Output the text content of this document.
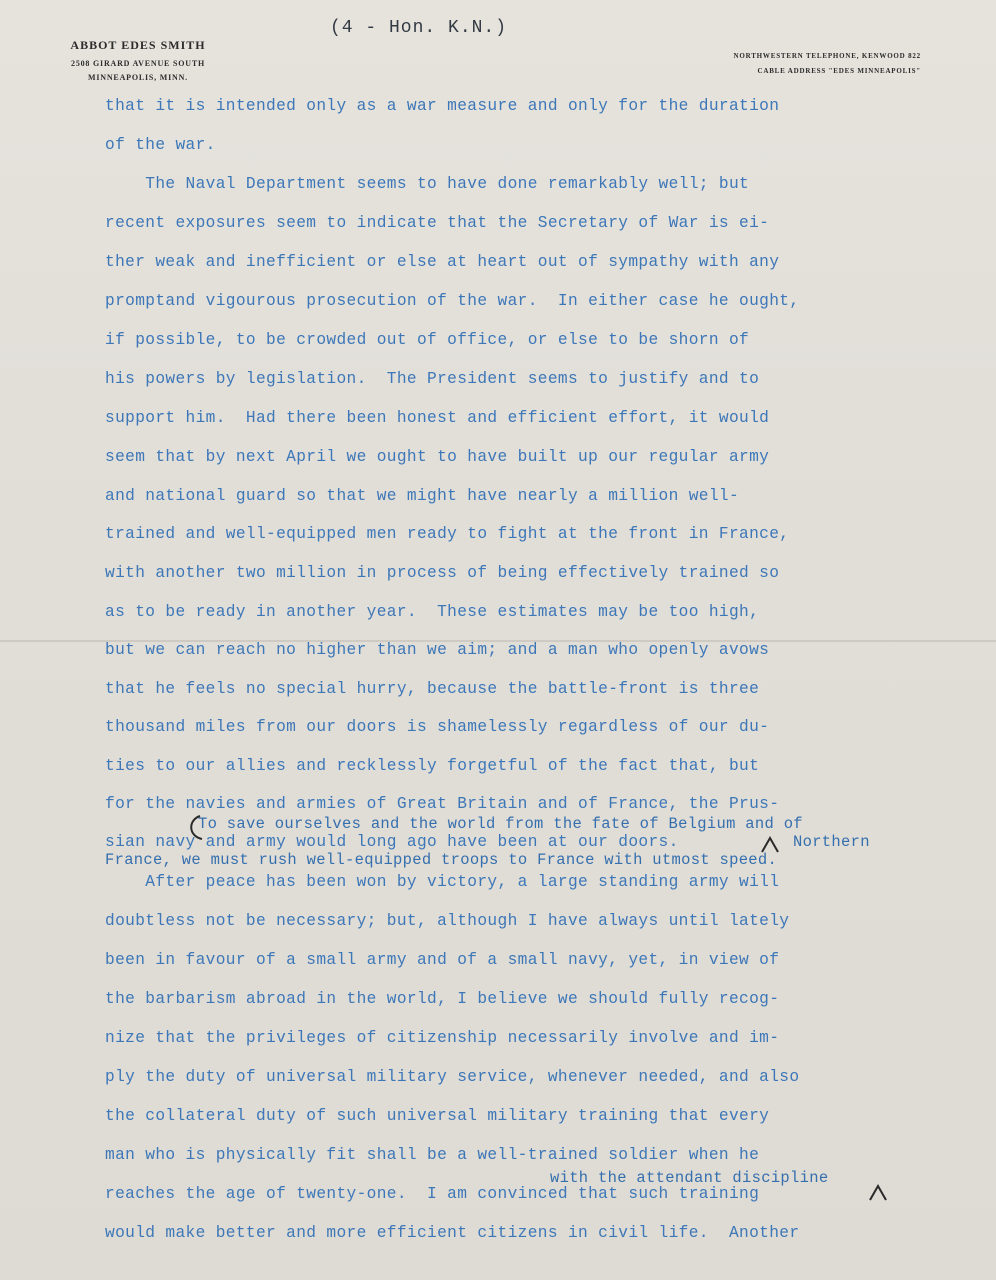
(4 - Hon. K.N.)
ABBOT EDES SMITH
2508 GIRARD AVENUE SOUTH
MINNEAPOLIS, MINN.
NORTHWESTERN TELEPHONE, KENWOOD 822
CABLE ADDRESS "EDES MINNEAPOLIS"
that it is intended only as a war measure and only for the duration
of the war.
The Naval Department seems to have done remarkably well; but
recent exposures seem to indicate that the Secretary of War is ei-
ther weak and inefficient or else at heart out of sympathy with any
promptand vigourous prosecution of the war.  In either case he ought,
if possible, to be crowded out of office, or else to be shorn of
his powers by legislation.  The President seems to justify and to
support him.  Had there been honest and efficient effort, it would
seem that by next April we ought to have built up our regular army
and national guard so that we might have nearly a million well-
trained and well-equipped men ready to fight at the front in France,
with another two million in process of being effectively trained so
as to be ready in another year.  These estimates may be too high,
but we can reach no higher than we aim; and a man who openly avows
that he feels no special hurry, because the battle-front is three
thousand miles from our doors is shamelessly regardless of our du-
ties to our allies and recklessly forgetful of the fact that, but
for the navies and armies of Great Britain and of France, the Prus-
sian navy and army would long ago have been at our doors.
To save ourselves and the world from the fate of Belgium and of
Northern
France, we must rush well-equipped troops to France with utmost speed.
After peace has been won by victory, a large standing army will
doubtless not be necessary; but, although I have always until lately
been in favour of a small army and of a small navy, yet, in view of
the barbarism abroad in the world, I believe we should fully recog-
nize that the privileges of citizenship necessarily involve and im-
ply the duty of universal military service, whenever needed, and also
the collateral duty of such universal military training that every
man who is physically fit shall be a well-trained soldier when he
reaches the age of twenty-one.  I am convinced that such training
would make better and more efficient citizens in civil life.  Another
with the attendant discipline
